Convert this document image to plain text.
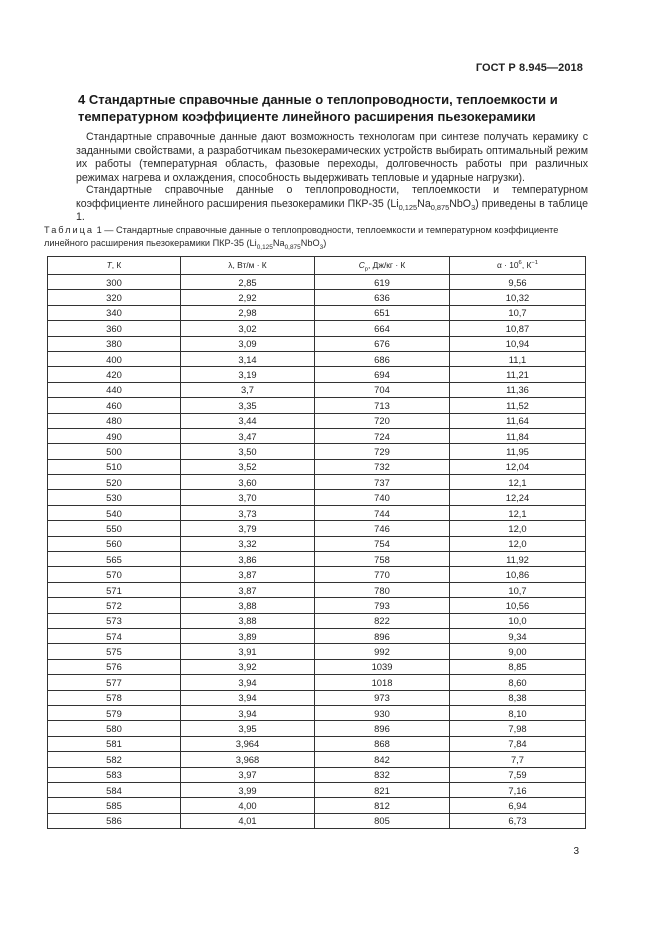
ГОСТ Р 8.945—2018
4 Стандартные справочные данные о теплопроводности, теплоемкости и температурном коэффициенте линейного расширения пьезокерамики
Стандартные справочные данные дают возможность технологам при синтезе получать керамику с заданными свойствами, а разработчикам пьезокерамических устройств выбирать оптимальный режим их работы (температурная область, фазовые переходы, долговечность работы при различных режимах нагрева и охлаждения, способность выдерживать тепловые и ударные нагрузки).
Стандартные справочные данные о теплопроводности, теплоемкости и температурном коэффициенте линейного расширения пьезокерамики ПКР-35 $(Li_{0,125}Na_{0,875}NbO_3)$ приведены в таблице 1.
Таблица 1 — Стандартные справочные данные о теплопроводности, теплоемкости и температурном коэффициенте линейного расширения пьезокерамики ПКР-35 $(Li_{0,125}Na_{0,875}NbO_3)$
T, К	λ, Вт/м · К	$C_p$, Дж/кг · К	$\alpha \cdot 10^6$, $К^{-1}$
300	2,85	619	9,56
320	2,92	636	10,32
340	2,98	651	10,7
360	3,02	664	10,87
380	3,09	676	10,94
400	3,14	686	11,1
420	3,19	694	11,21
440	3,7	704	11,36
460	3,35	713	11,52
480	3,44	720	11,64
490	3,47	724	11,84
500	3,50	729	11,95
510	3,52	732	12,04
520	3,60	737	12,1
530	3,70	740	12,24
540	3,73	744	12,1
550	3,79	746	12,0
560	3,32	754	12,0
565	3,86	758	11,92
570	3,87	770	10,86
571	3,87	780	10,7
572	3,88	793	10,56
573	3,88	822	10,0
574	3,89	896	9,34
575	3,91	992	9,00
576	3,92	1039	8,85
577	3,94	1018	8,60
578	3,94	973	8,38
579	3,94	930	8,10
580	3,95	896	7,98
581	3,964	868	7,84
582	3,968	842	7,7
583	3,97	832	7,59
584	3,99	821	7,16
585	4,00	812	6,94
586	4,01	805	6,73
3
